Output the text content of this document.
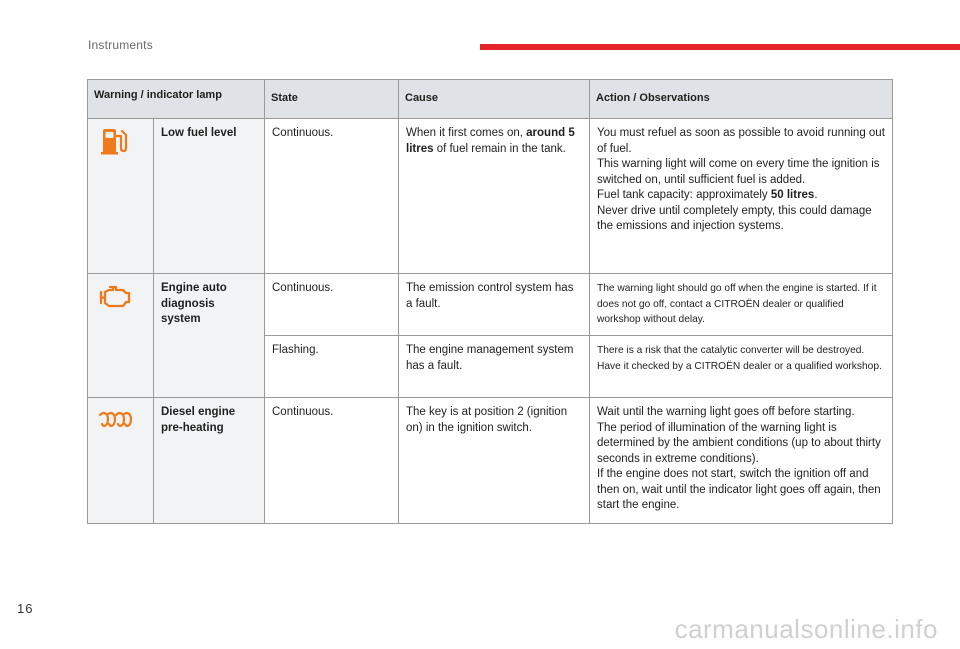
Instruments
Warning / indicator lamp		State	Cause	Action / Observations

	Low fuel level	Continuous.	When it first comes on, around 5 litres of fuel remain in the tank.	You must refuel as soon as possible to avoid running out of fuel.
This warning light will come on every time the ignition is switched on, until sufficient fuel is added.
Fuel tank capacity: approximately 50 litres.
Never drive until completely empty, this could damage the emissions and injection systems.

	Engine auto diagnosis system	Continuous.	The emission control system has a fault.	The warning light should go off when the engine is started. If it does not go off, contact a CITROËN dealer or qualified workshop without delay.
		Flashing.	The engine management system has a fault.	There is a risk that the catalytic converter will be destroyed. Have it checked by a CITROËN dealer or a qualified workshop.

	Diesel engine pre-heating	Continuous.	The key is at position 2 (ignition on) in the ignition switch.	Wait until the warning light goes off before starting.
The period of illumination of the warning light is determined by the ambient conditions (up to about thirty seconds in extreme conditions).
If the engine does not start, switch the ignition off and then on, wait until the indicator light goes off again, then start the engine.
16
carmanualsonline.info
